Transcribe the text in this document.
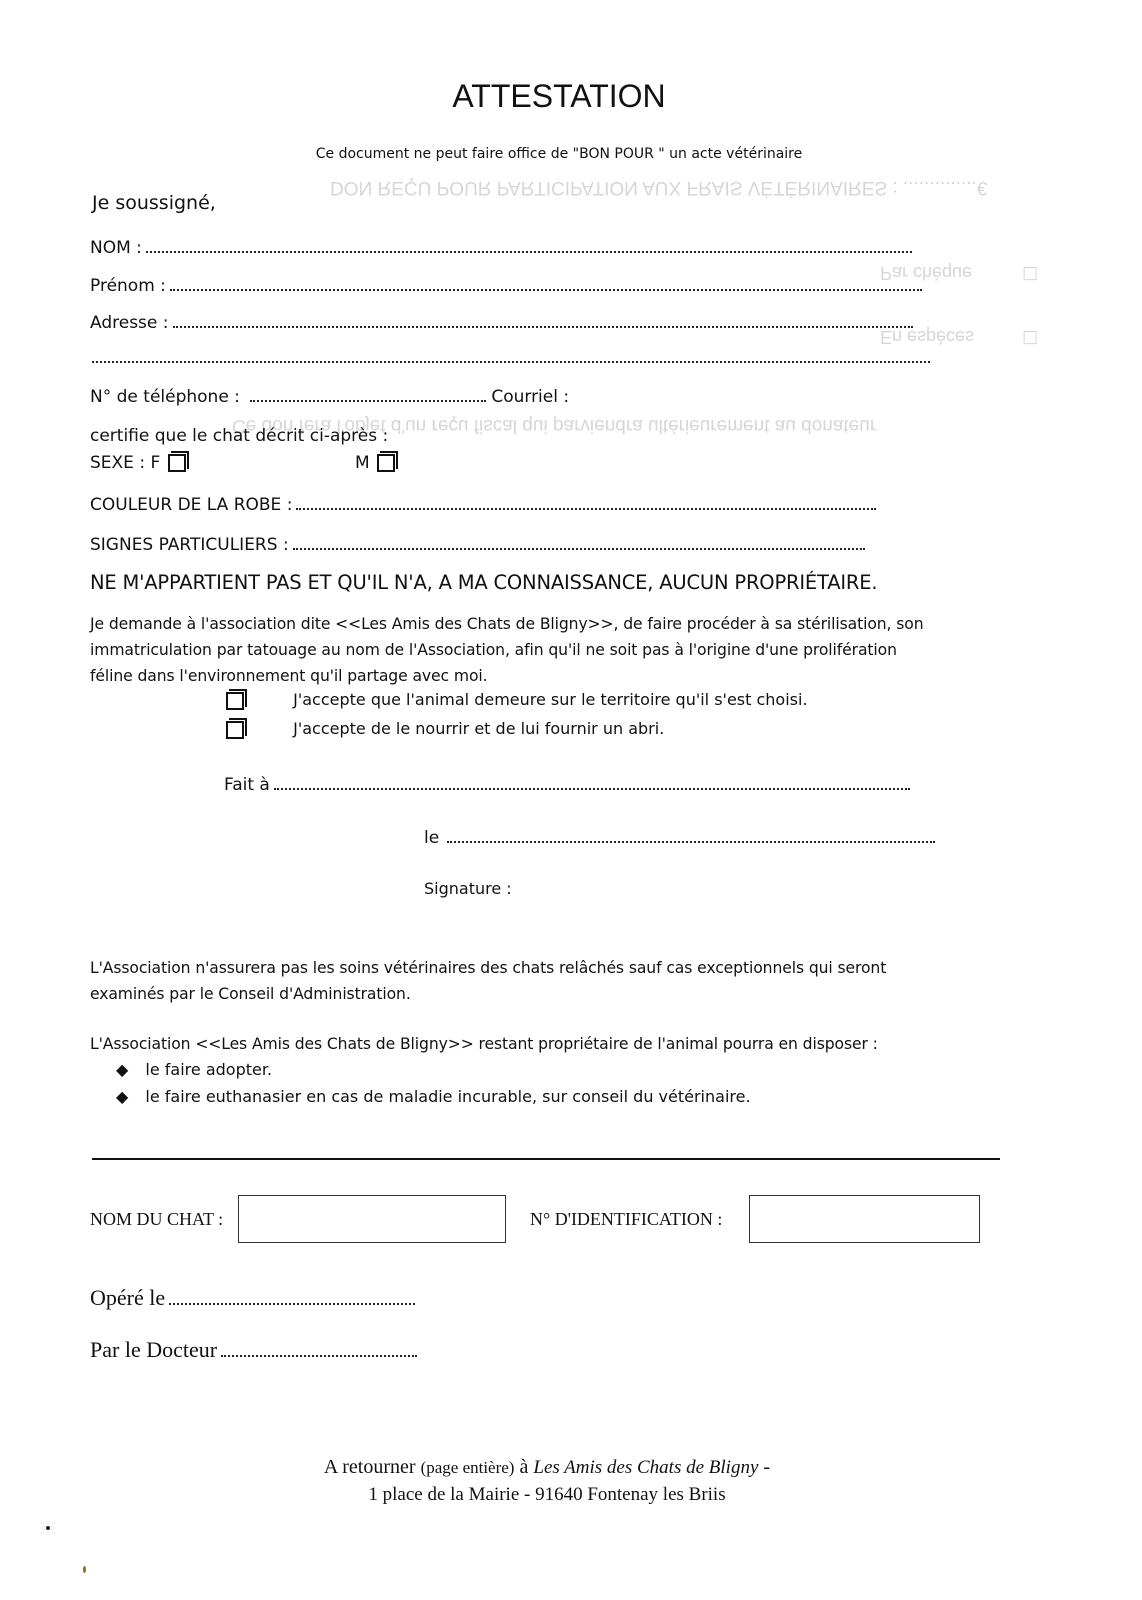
DON REÇU POUR PARTICIPATION AUX FRAIS VÉTÉRINAIRES : ..............€
Par chèque	☐
En espèces	☐
Ce don fera l'objet d'un reçu fiscal qui parviendra ultérieurement au donateur
ATTESTATION
Ce document ne peut faire office de "BON POUR " un acte vétérinaire
Je soussigné,
NOM :
Prénom :
Adresse :
N° de téléphone :	Courriel :
certifie que le chat décrit ci-après :
SEXE : F	M
COULEUR DE LA ROBE :
SIGNES PARTICULIERS :
NE M'APPARTIENT PAS ET QU'IL N'A, A MA CONNAISSANCE, AUCUN PROPRIÉTAIRE.
Je demande à l'association dite <<Les Amis des Chats de Bligny>>, de faire procéder à sa stérilisation, son
immatriculation par tatouage au nom de l'Association, afin qu'il ne soit pas à l'origine d'une prolifération
féline dans l'environnement qu'il partage avec moi.
J'accepte que l'animal demeure sur le territoire qu'il s'est choisi.
J'accepte de le nourrir et de lui fournir un abri.
Fait à
le
Signature :
L'Association n'assurera pas les soins vétérinaires des chats relâchés sauf cas exceptionnels qui seront
examinés par le Conseil d'Administration.
L'Association <<Les Amis des Chats de Bligny>> restant propriétaire de l'animal pourra en disposer :
◆ le faire adopter.
◆ le faire euthanasier en cas de maladie incurable, sur conseil du vétérinaire.
NOM DU CHAT :	N° D'IDENTIFICATION :
Opéré le
Par le Docteur
A retourner (page entière) à Les Amis des Chats de Bligny -
1 place de la Mairie - 91640 Fontenay les Briis
